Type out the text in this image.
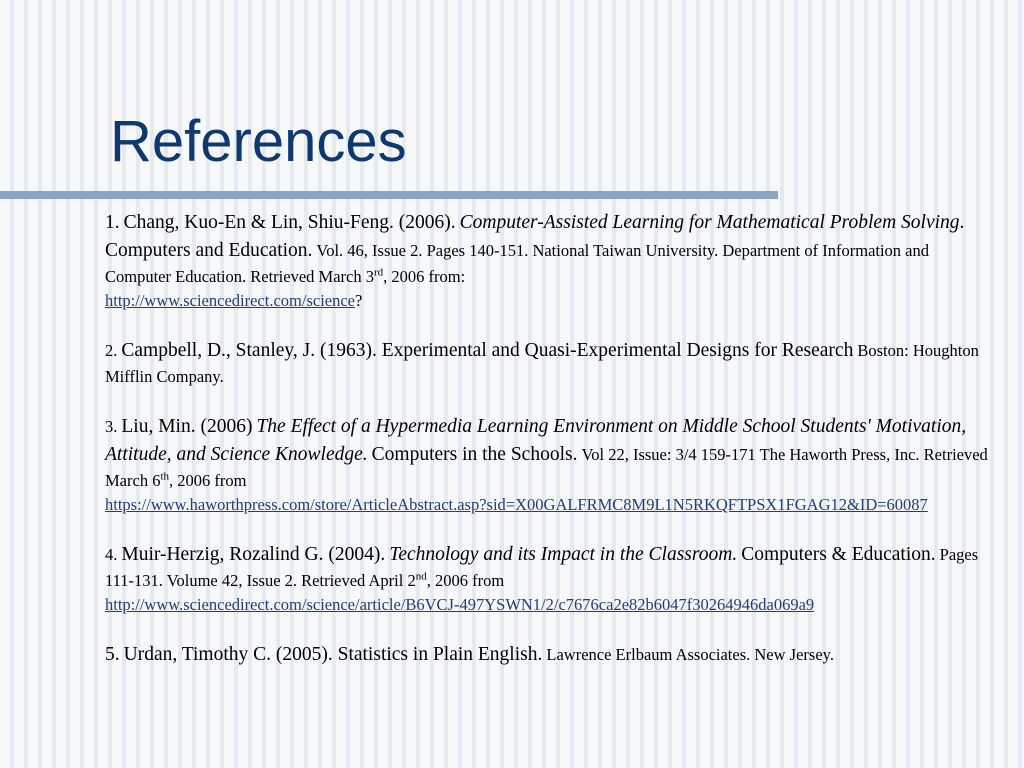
References

1. Chang, Kuo-En & Lin, Shiu-Feng. (2006). Computer-Assisted Learning for Mathematical Problem Solving. Computers and Education. Vol. 46, Issue 2. Pages 140-151. National Taiwan University. Department of Information and Computer Education. Retrieved March 3rd, 2006 from:
http://www.sciencedirect.com/science?

2. Campbell, D., Stanley, J. (1963). Experimental and Quasi-Experimental Designs for Research Boston: Houghton Mifflin Company.

3. Liu, Min. (2006) The Effect of a Hypermedia Learning Environment on Middle School Students' Motivation, Attitude, and Science Knowledge. Computers in the Schools. Vol 22, Issue: 3/4 159-171 The Haworth Press, Inc. Retrieved March 6th, 2006 from
https://www.haworthpress.com/store/ArticleAbstract.asp?sid=X00GALFRMC8M9L1N5RKQFTPSX1FGAG12&ID=60087

4. Muir-Herzig, Rozalind G. (2004). Technology and its Impact in the Classroom. Computers & Education. Pages 111-131. Volume 42, Issue 2. Retrieved April 2nd, 2006 from
http://www.sciencedirect.com/science/article/B6VCJ-497YSWN1/2/c7676ca2e82b6047f30264946da069a9

5. Urdan, Timothy C. (2005). Statistics in Plain English. Lawrence Erlbaum Associates. New Jersey.
